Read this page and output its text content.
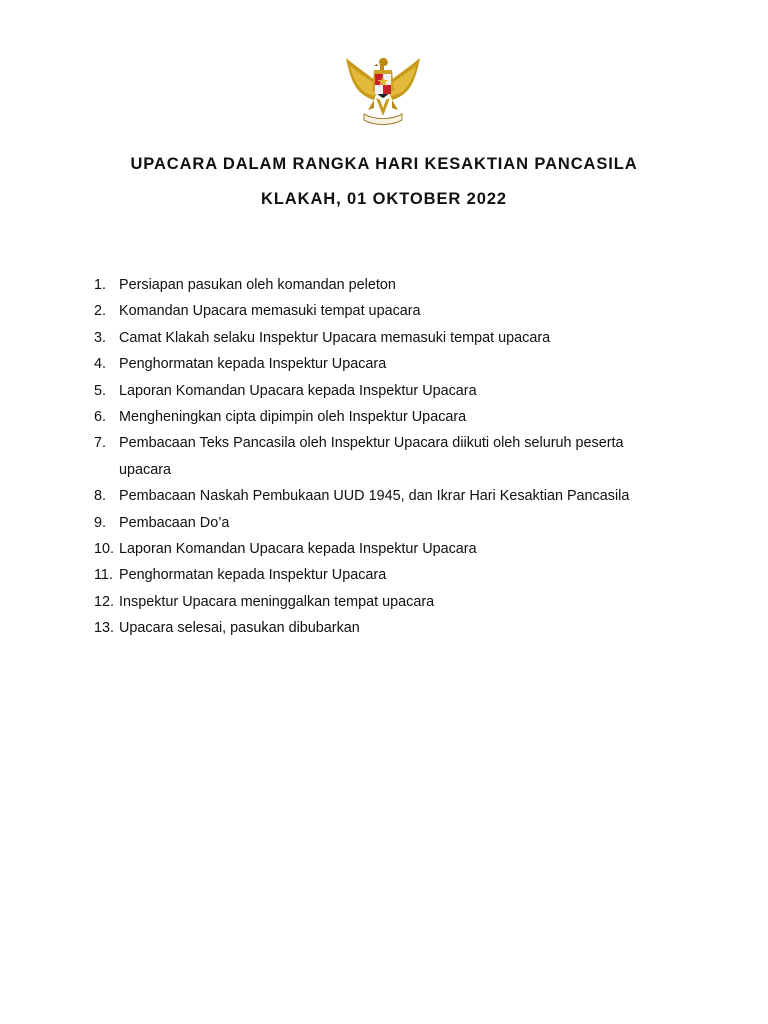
UPACARA DALAM RANGKA HARI KESAKTIAN PANCASILA
KLAKAH, 01 OKTOBER 2022
1. Persiapan pasukan oleh komandan peleton
2. Komandan Upacara memasuki tempat upacara
3. Camat Klakah selaku Inspektur Upacara memasuki tempat upacara
4. Penghormatan kepada Inspektur Upacara
5. Laporan Komandan Upacara kepada Inspektur Upacara
6. Mengheningkan cipta dipimpin oleh Inspektur Upacara
7. Pembacaan Teks Pancasila oleh Inspektur Upacara diikuti oleh seluruh peserta upacara
8. Pembacaan Naskah Pembukaan UUD 1945, dan Ikrar Hari Kesaktian Pancasila
9. Pembacaan Do’a
10. Laporan Komandan Upacara kepada Inspektur Upacara
11. Penghormatan kepada Inspektur Upacara
12. Inspektur Upacara meninggalkan tempat upacara
13. Upacara selesai, pasukan dibubarkan
